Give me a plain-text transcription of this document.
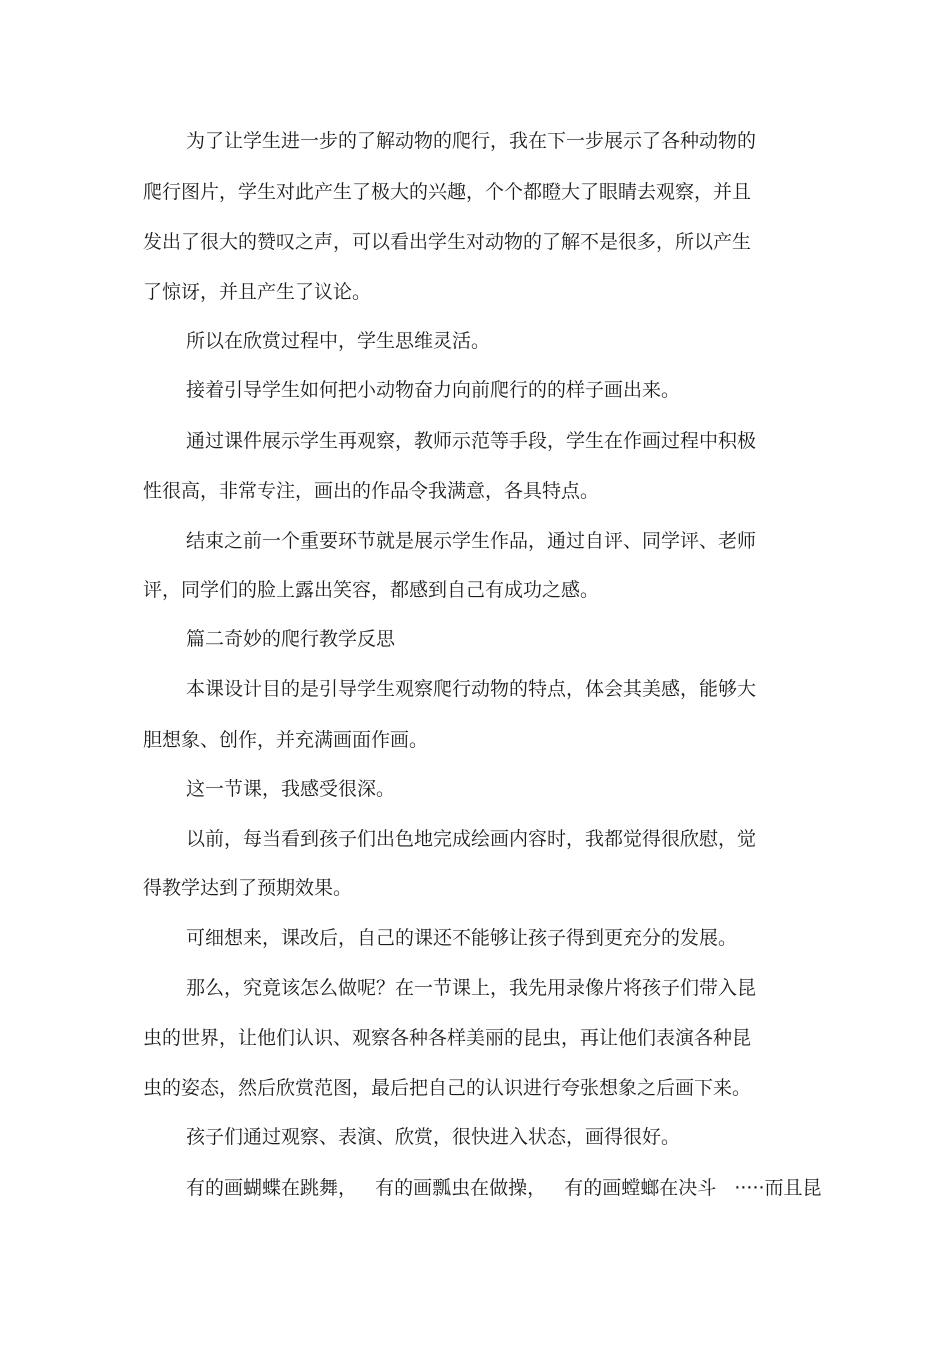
为了让学生进一步的了解动物的爬行，我在下一步展示了各种动物的
爬行图片，学生对此产生了极大的兴趣，个个都瞪大了眼睛去观察，并且
发出了很大的赞叹之声，可以看出学生对动物的了解不是很多，所以产生
了惊讶，并且产生了议论。
所以在欣赏过程中，学生思维灵活。
接着引导学生如何把小动物奋力向前爬行的的样子画出来。
通过课件展示学生再观察，教师示范等手段，学生在作画过程中积极
性很高，非常专注，画出的作品令我满意，各具特点。
结束之前一个重要环节就是展示学生作品，通过自评、同学评、老师
评，同学们的脸上露出笑容，都感到自己有成功之感。
篇二奇妙的爬行教学反思
本课设计目的是引导学生观察爬行动物的特点，体会其美感，能够大
胆想象、创作，并充满画面作画。
这一节课，我感受很深。
以前，每当看到孩子们出色地完成绘画内容时，我都觉得很欣慰，觉
得教学达到了预期效果。
可细想来，课改后，自己的课还不能够让孩子得到更充分的发展。
那么，究竟该怎么做呢？在一节课上，我先用录像片将孩子们带入昆
虫的世界，让他们认识、观察各种各样美丽的昆虫，再让他们表演各种昆
虫的姿态，然后欣赏范图，最后把自己的认识进行夸张想象之后画下来。
孩子们通过观察、表演、欣赏，很快进入状态，画得很好。
有的画蝴蝶在跳舞，   有的画瓢虫在做操，   有的画螳螂在决斗   ·····而且昆
